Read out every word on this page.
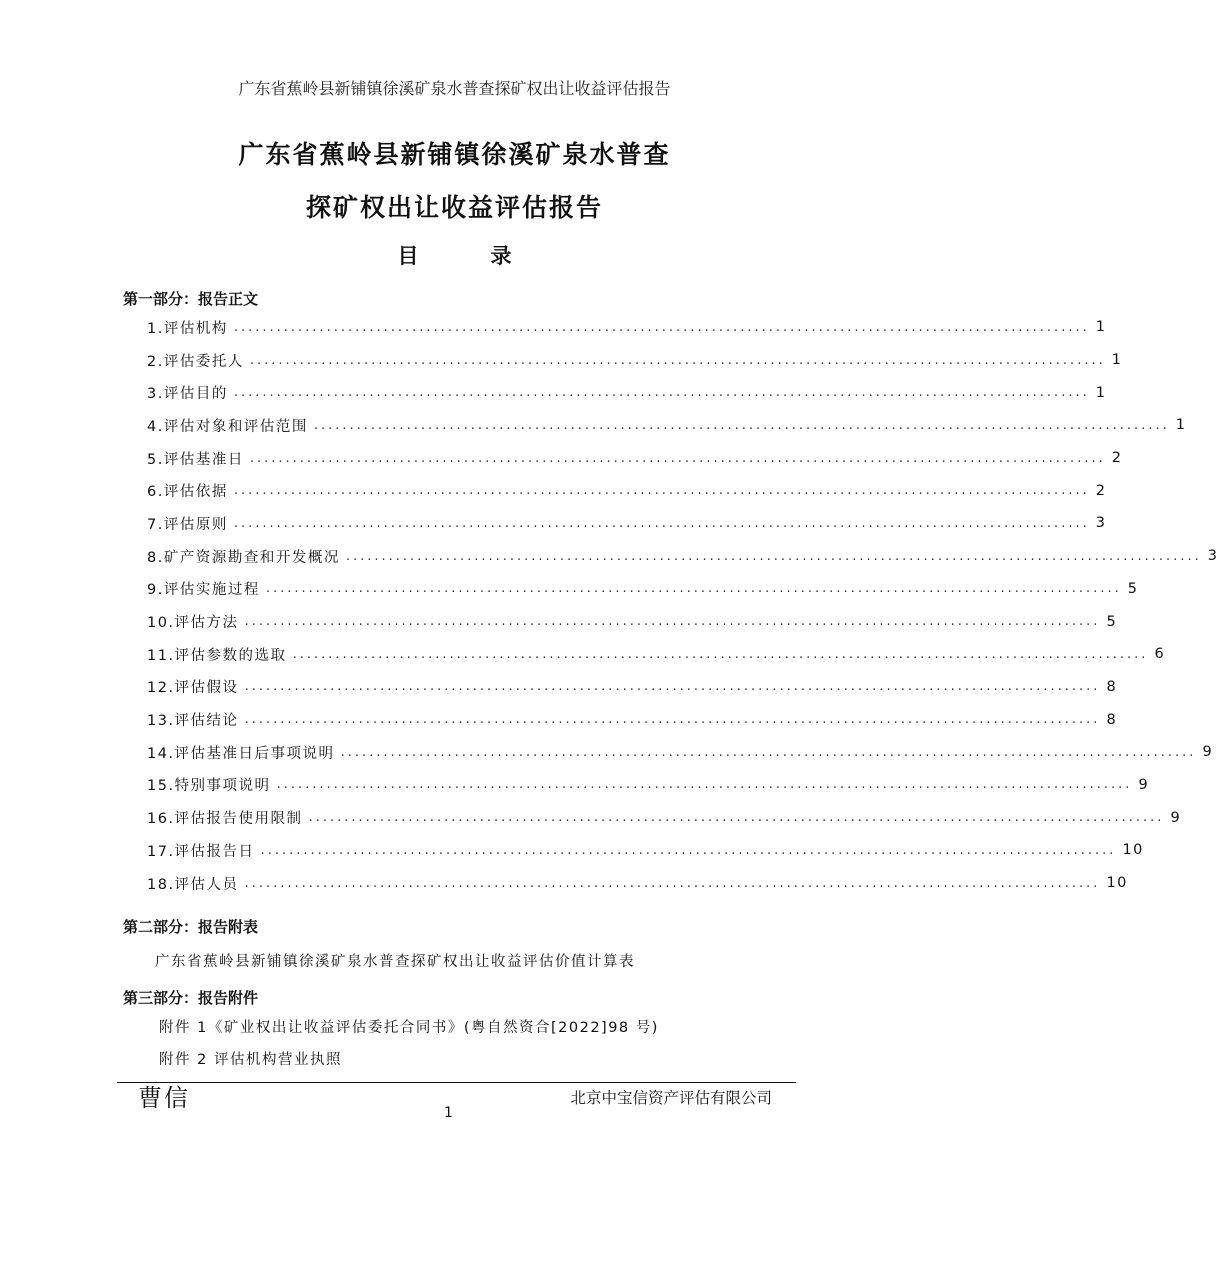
广东省蕉岭县新铺镇徐溪矿泉水普查探矿权出让收益评估报告
广东省蕉岭县新铺镇徐溪矿泉水普查
探矿权出让收益评估报告
目	录
第一部分：报告正文
1.评估机构 ........................................................................................................................ 1
2.评估委托人 ........................................................................................................................ 1
3.评估目的 ........................................................................................................................ 1
4.评估对象和评估范围 ........................................................................................................................ 1
5.评估基准日 ........................................................................................................................ 2
6.评估依据 ........................................................................................................................ 2
7.评估原则 ........................................................................................................................ 3
8.矿产资源勘查和开发概况 ........................................................................................................................ 3
9.评估实施过程 ........................................................................................................................ 5
10.评估方法 ........................................................................................................................ 5
11.评估参数的选取 ........................................................................................................................ 6
12.评估假设 ........................................................................................................................ 8
13.评估结论 ........................................................................................................................ 8
14.评估基准日后事项说明 ........................................................................................................................ 9
15.特别事项说明 ........................................................................................................................ 9
16.评估报告使用限制 ........................................................................................................................ 9
17.评估报告日 ........................................................................................................................ 10
18.评估人员 ........................................................................................................................ 10
第二部分：报告附表
广东省蕉岭县新铺镇徐溪矿泉水普查探矿权出让收益评估价值计算表
第三部分：报告附件
附件 1《矿业权出让收益评估委托合同书》(粤自然资合[2022]98 号)
附件 2 评估机构营业执照
曹信	北京中宝信资产评估有限公司
1
